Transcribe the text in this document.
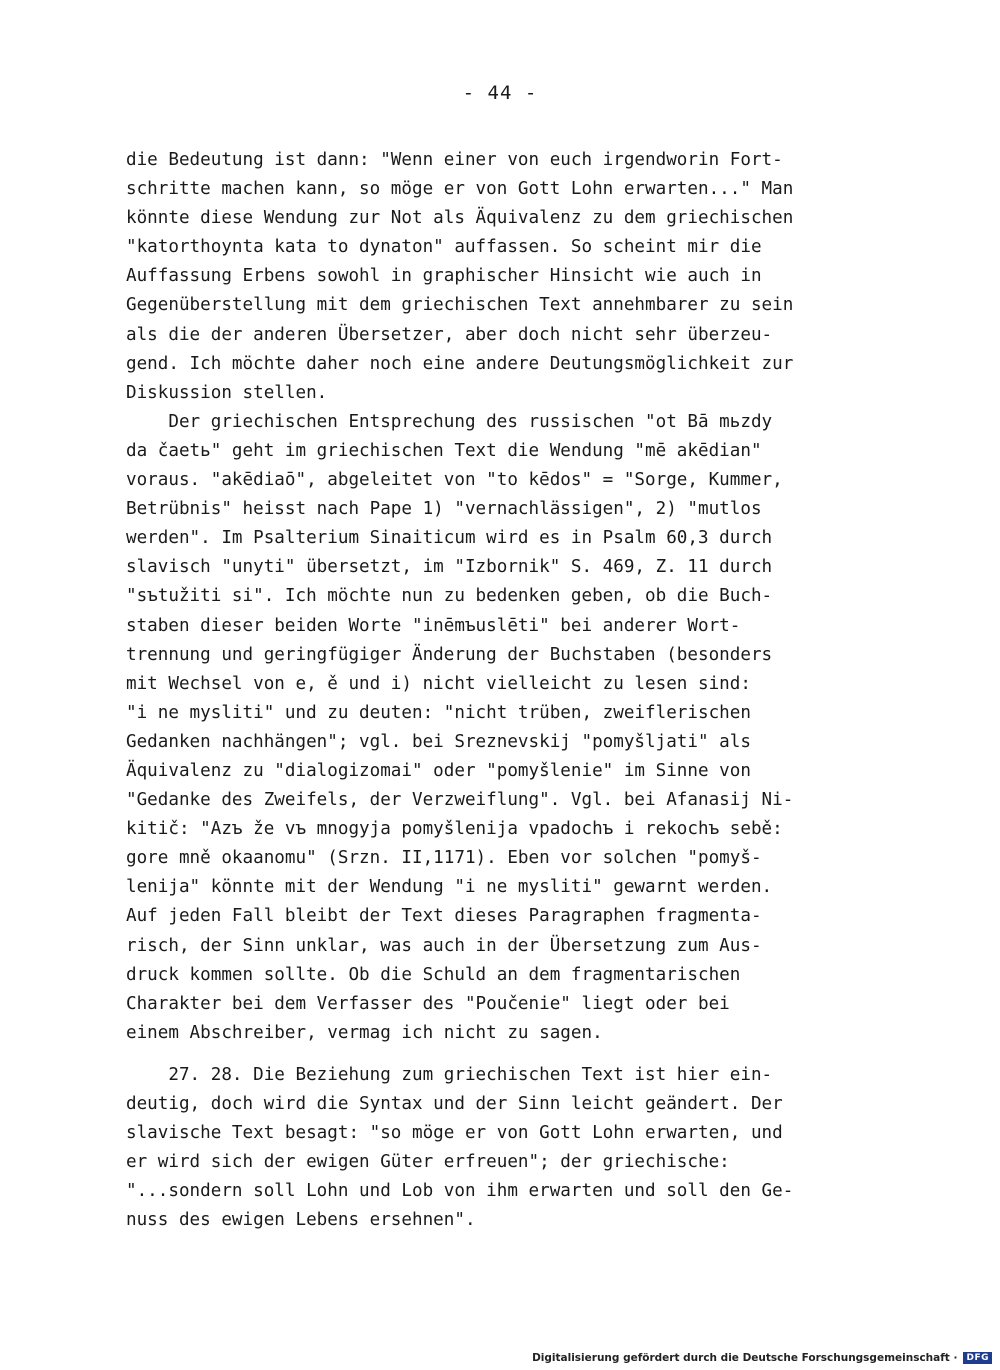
- 44 -
die Bedeutung ist dann: "Wenn einer von euch irgendworin Fort-
schritte machen kann, so möge er von Gott Lohn erwarten..." Man
könnte diese Wendung zur Not als Äquivalenz zu dem griechischen
"katorthoynta kata to dynaton" auffassen. So scheint mir die
Auffassung Erbens sowohl in graphischer Hinsicht wie auch in
Gegenüberstellung mit dem griechischen Text annehmbarer zu sein
als die der anderen Übersetzer, aber doch nicht sehr überzeu-
gend. Ich möchte daher noch eine andere Deutungsmöglichkeit zur
Diskussion stellen.
Der griechischen Entsprechung des russischen "ot Bā mьzdy
da čaetь" geht im griechischen Text die Wendung "mē akēdian"
voraus. "akēdiaō", abgeleitet von "to kēdos" = "Sorge, Kummer,
Betrübnis" heisst nach Pape 1) "vernachlässigen", 2) "mutlos
werden". Im Psalterium Sinaiticum wird es in Psalm 60,3 durch
slavisch "unyti" übersetzt, im "Izbornik" S. 469, Z. 11 durch
"sъtužiti si". Ich möchte nun zu bedenken geben, ob die Buch-
staben dieser beiden Worte "inēmъuslēti" bei anderer Wort-
trennung und geringfügiger Änderung der Buchstaben (besonders
mit Wechsel von e, ě und i) nicht vielleicht zu lesen sind:
"i ne mysliti" und zu deuten: "nicht trüben, zweiflerischen
Gedanken nachhängen"; vgl. bei Sreznevskij "pomyšljati" als
Äquivalenz zu "dialogizomai" oder "pomyšlenie" im Sinne von
"Gedanke des Zweifels, der Verzweiflung". Vgl. bei Afanasij Ni-
kitič: "Azъ že vъ mnogyja pomyšlenija vpadochъ i rekochъ sebě:
gore mně okaanomu" (Srzn. II,1171). Eben vor solchen "pomyš-
lenija" könnte mit der Wendung "i ne mysliti" gewarnt werden.
Auf jeden Fall bleibt der Text dieses Paragraphen fragmenta-
risch, der Sinn unklar, was auch in der Übersetzung zum Aus-
druck kommen sollte. Ob die Schuld an dem fragmentarischen
Charakter bei dem Verfasser des "Poučenie" liegt oder bei
einem Abschreiber, vermag ich nicht zu sagen.
27. 28. Die Beziehung zum griechischen Text ist hier ein-
deutig, doch wird die Syntax und der Sinn leicht geändert. Der
slavische Text besagt: "so möge er von Gott Lohn erwarten, und
er wird sich der ewigen Güter erfreuen"; der griechische:
"...sondern soll Lohn und Lob von ihm erwarten und soll den Ge-
nuss des ewigen Lebens ersehnen".
Digitalisierung gefördert durch die Deutsche Forschungsgemeinschaft ·	DFG
